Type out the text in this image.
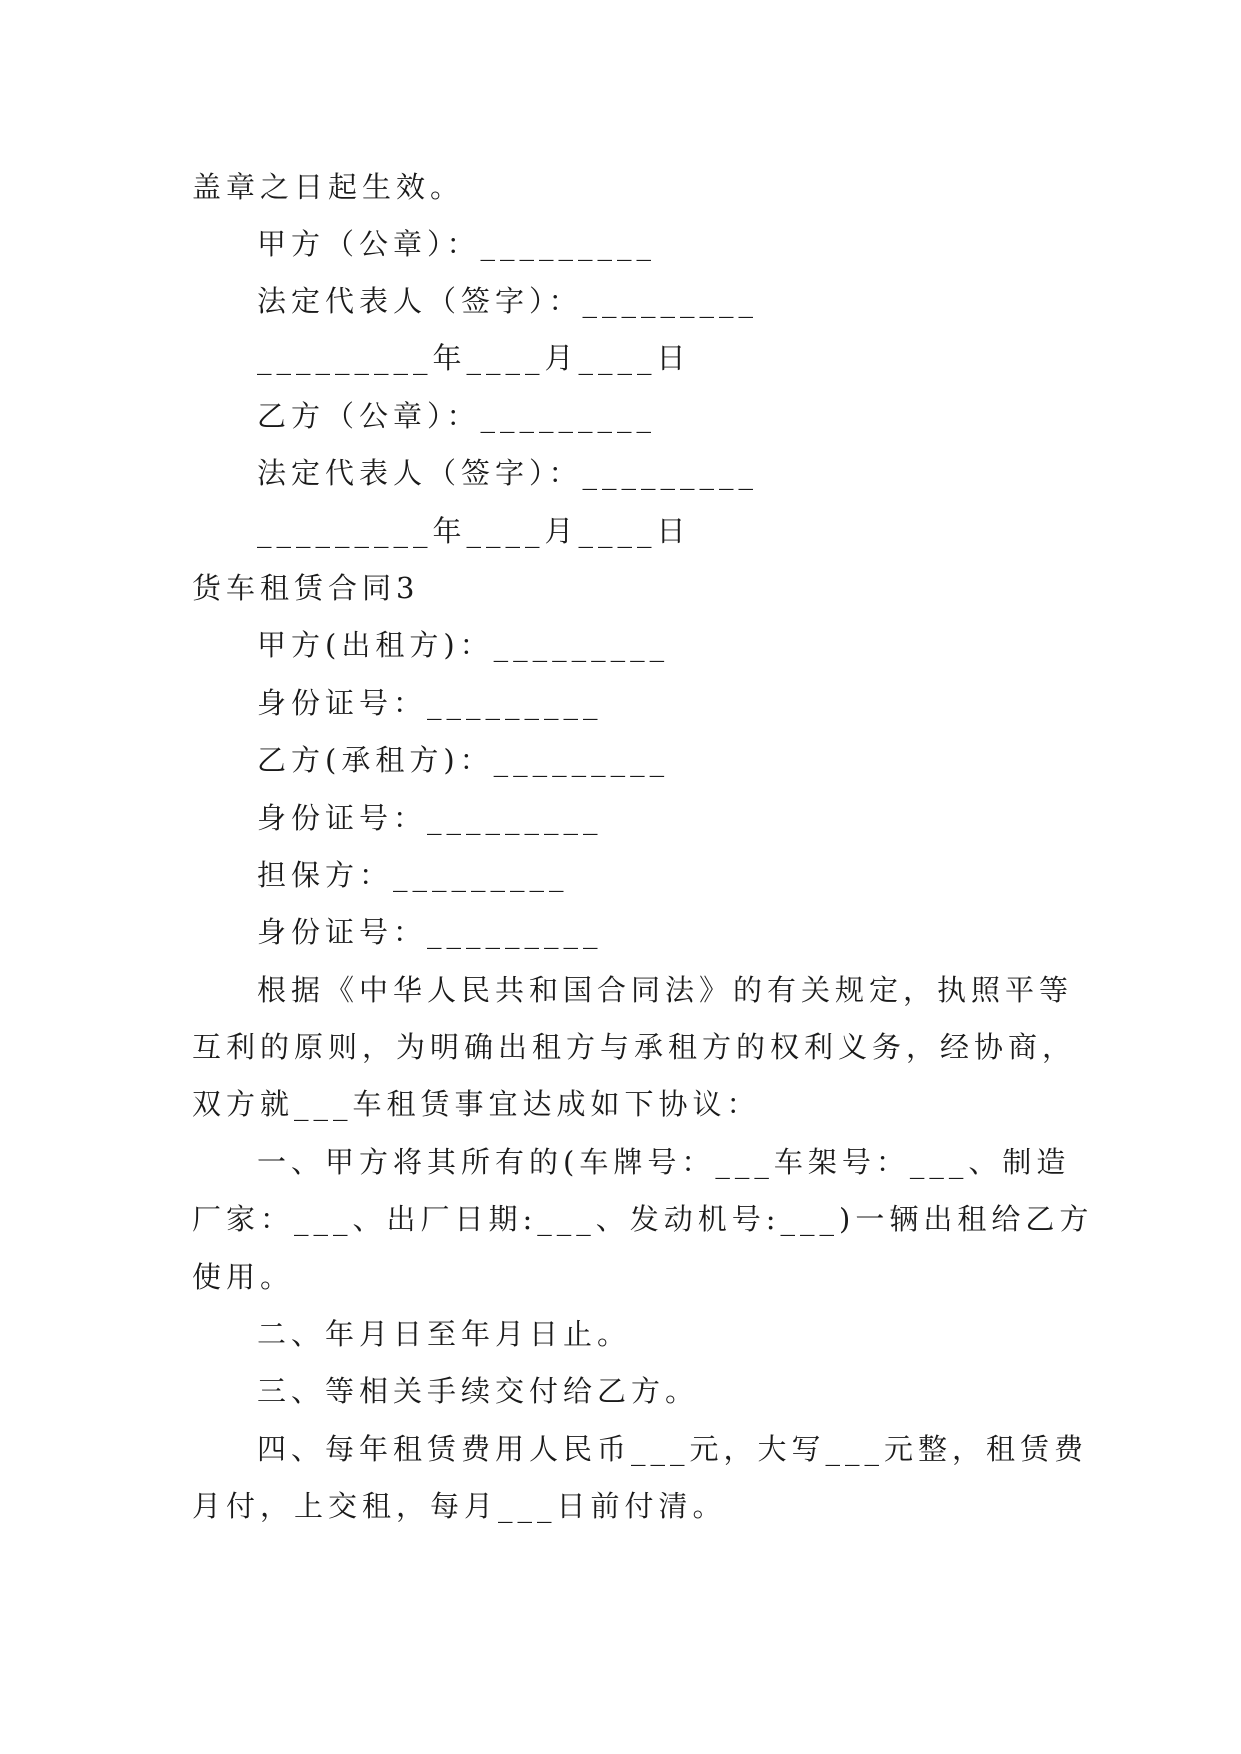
盖章之日起生效。
甲方（公章）：_________
法定代表人（签字）：_________
_________年____月____日
乙方（公章）：_________
法定代表人（签字）：_________
_________年____月____日
货车租赁合同3
甲方(出租方)：_________
身份证号：_________
乙方(承租方)：_________
身份证号：_________
担保方：_________
身份证号：_________
根据《中华人民共和国合同法》的有关规定，执照平等
互利的原则，为明确出租方与承租方的权利义务，经协商，
双方就___车租赁事宜达成如下协议：
一、甲方将其所有的(车牌号：___车架号：___、制造
厂家：___、出厂日期:___、发动机号:___)一辆出租给乙方
使用。
二、年月日至年月日止。
三、等相关手续交付给乙方。
四、每年租赁费用人民币___元，大写___元整，租赁费
月付，上交租，每月___日前付清。
